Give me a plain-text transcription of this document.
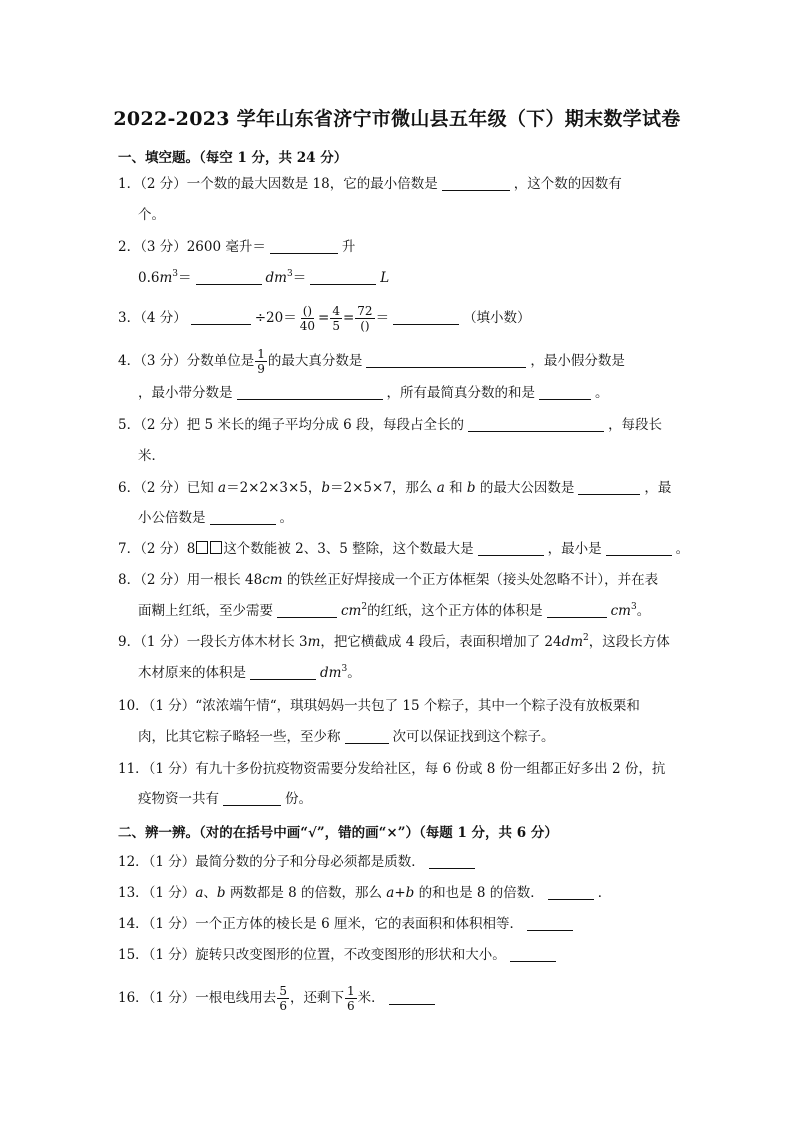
2022-2023 学年山东省济宁市微山县五年级（下）期末数学试卷
一、填空题。（每空 1 分，共 24 分）
1．（2 分）一个数的最大因数是 18，它的最小倍数是	，这个数的因数有
个。
2．（3 分）2600 毫升＝	升
$0.6m^3=$	$dm^3=$	L
3．（4 分）	$\div 20= \frac{()}{40} = \frac{4}{5} = \frac{72}{()}$ ＝	（填小数）
4．（3 分）分数单位是 $\frac{1}{9}$ 的最大真分数是	，最小假分数是
，最小带分数是	，所有最简真分数的和是	。
5．（2 分）把 5 米长的绳子平均分成 6 段，每段占全长的	，每段长
米．
6．（2 分）已知 a＝2×2×3×5，b＝2×5×7，那么 a 和 b 的最大公因数是	，最
小公倍数是	。
7．（2 分）8 这个数能被 2、3、5 整除，这个数最大是	，最小是	。
8．（2 分）用一根长 48cm 的铁丝正好焊接成一个正方体框架（接头处忽略不计），并在表
面糊上红纸，至少需要	$cm^2$的红纸，这个正方体的体积是	$cm^3$。
9．（1 分）一段长方体木材长 3m，把它横截成 4 段后，表面积增加了 $24dm^2$，这段长方体
木材原来的体积是	$dm^3$。
10．（1 分）“浓浓端午情“，琪琪妈妈一共包了 15 个粽子，其中一个粽子没有放板栗和
肉，比其它粽子略轻一些，至少称	次可以保证找到这个粽子。
11．（1 分）有九十多份抗疫物资需要分发给社区，每 6 份或 8 份一组都正好多出 2 份，抗
疫物资一共有	份。
二、辨一辨。（对的在括号中画“√”，错的画“×”）（每题 1 分，共 6 分）
12．（1 分）最简分数的分子和分母必须都是质数．
13．（1 分）a、b 两数都是 8 的倍数，那么 a+b 的和也是 8 的倍数．	．
14．（1 分）一个正方体的棱长是 6 厘米，它的表面积和体积相等．
15．（1 分）旋转只改变图形的位置，不改变图形的形状和大小。
16．（1 分）一根电线用去 $\frac{5}{6}$ ，还剩下 $\frac{1}{6}$ 米．
